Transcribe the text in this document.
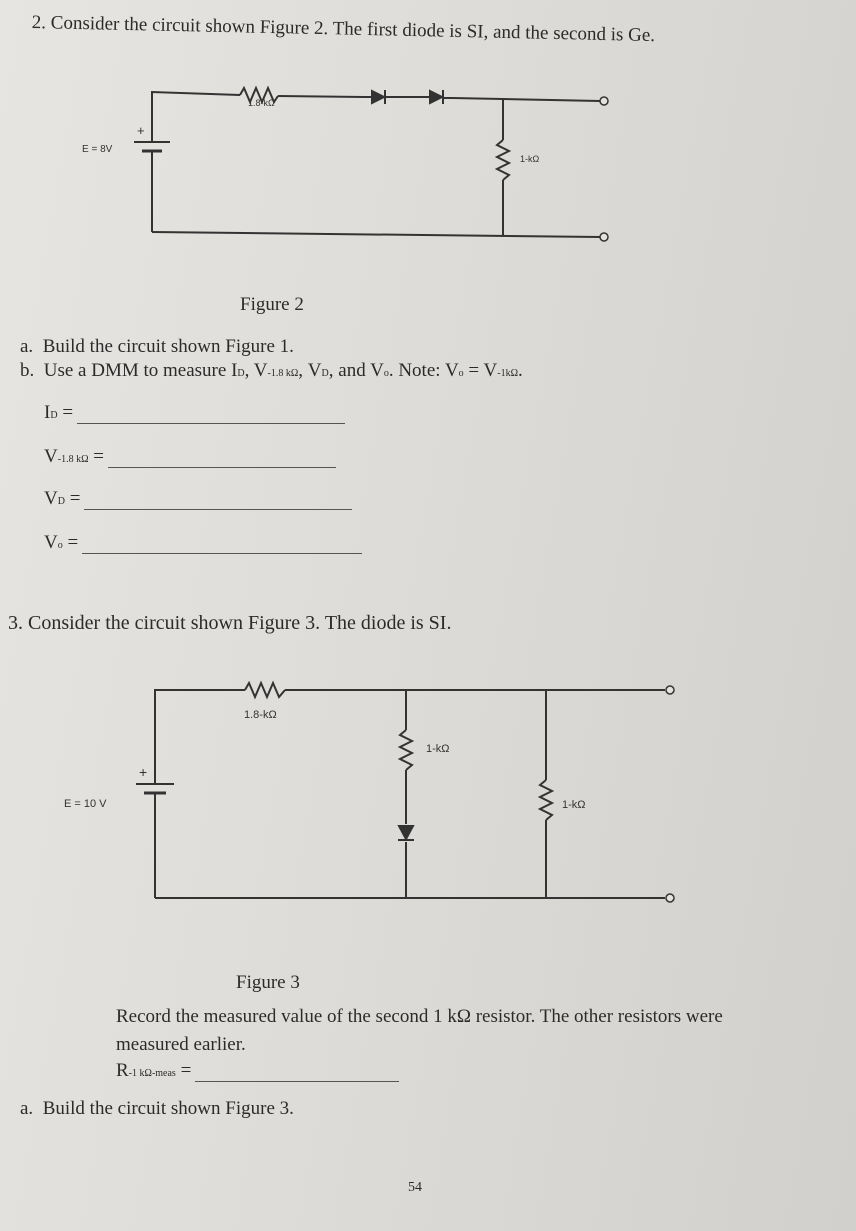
2. Consider the circuit shown Figure 2. The first diode is SI, and the second is Ge.
E = 8V
+
1.8-kΩ
1-kΩ
Figure 2
a. Build the circuit shown Figure 1.
b. Use a DMM to measure ID, V-1.8 kΩ, VD, and Vo. Note: Vo = V-1kΩ.
ID =
V-1.8 kΩ =
VD =
Vo =
3. Consider the circuit shown Figure 3. The diode is SI.
E = 10 V
+
1.8-kΩ
1-kΩ
1-kΩ
Figure 3
Record the measured value of the second 1 kΩ resistor. The other resistors were
measured earlier.
R-1 kΩ-meas =
a. Build the circuit shown Figure 3.
54
